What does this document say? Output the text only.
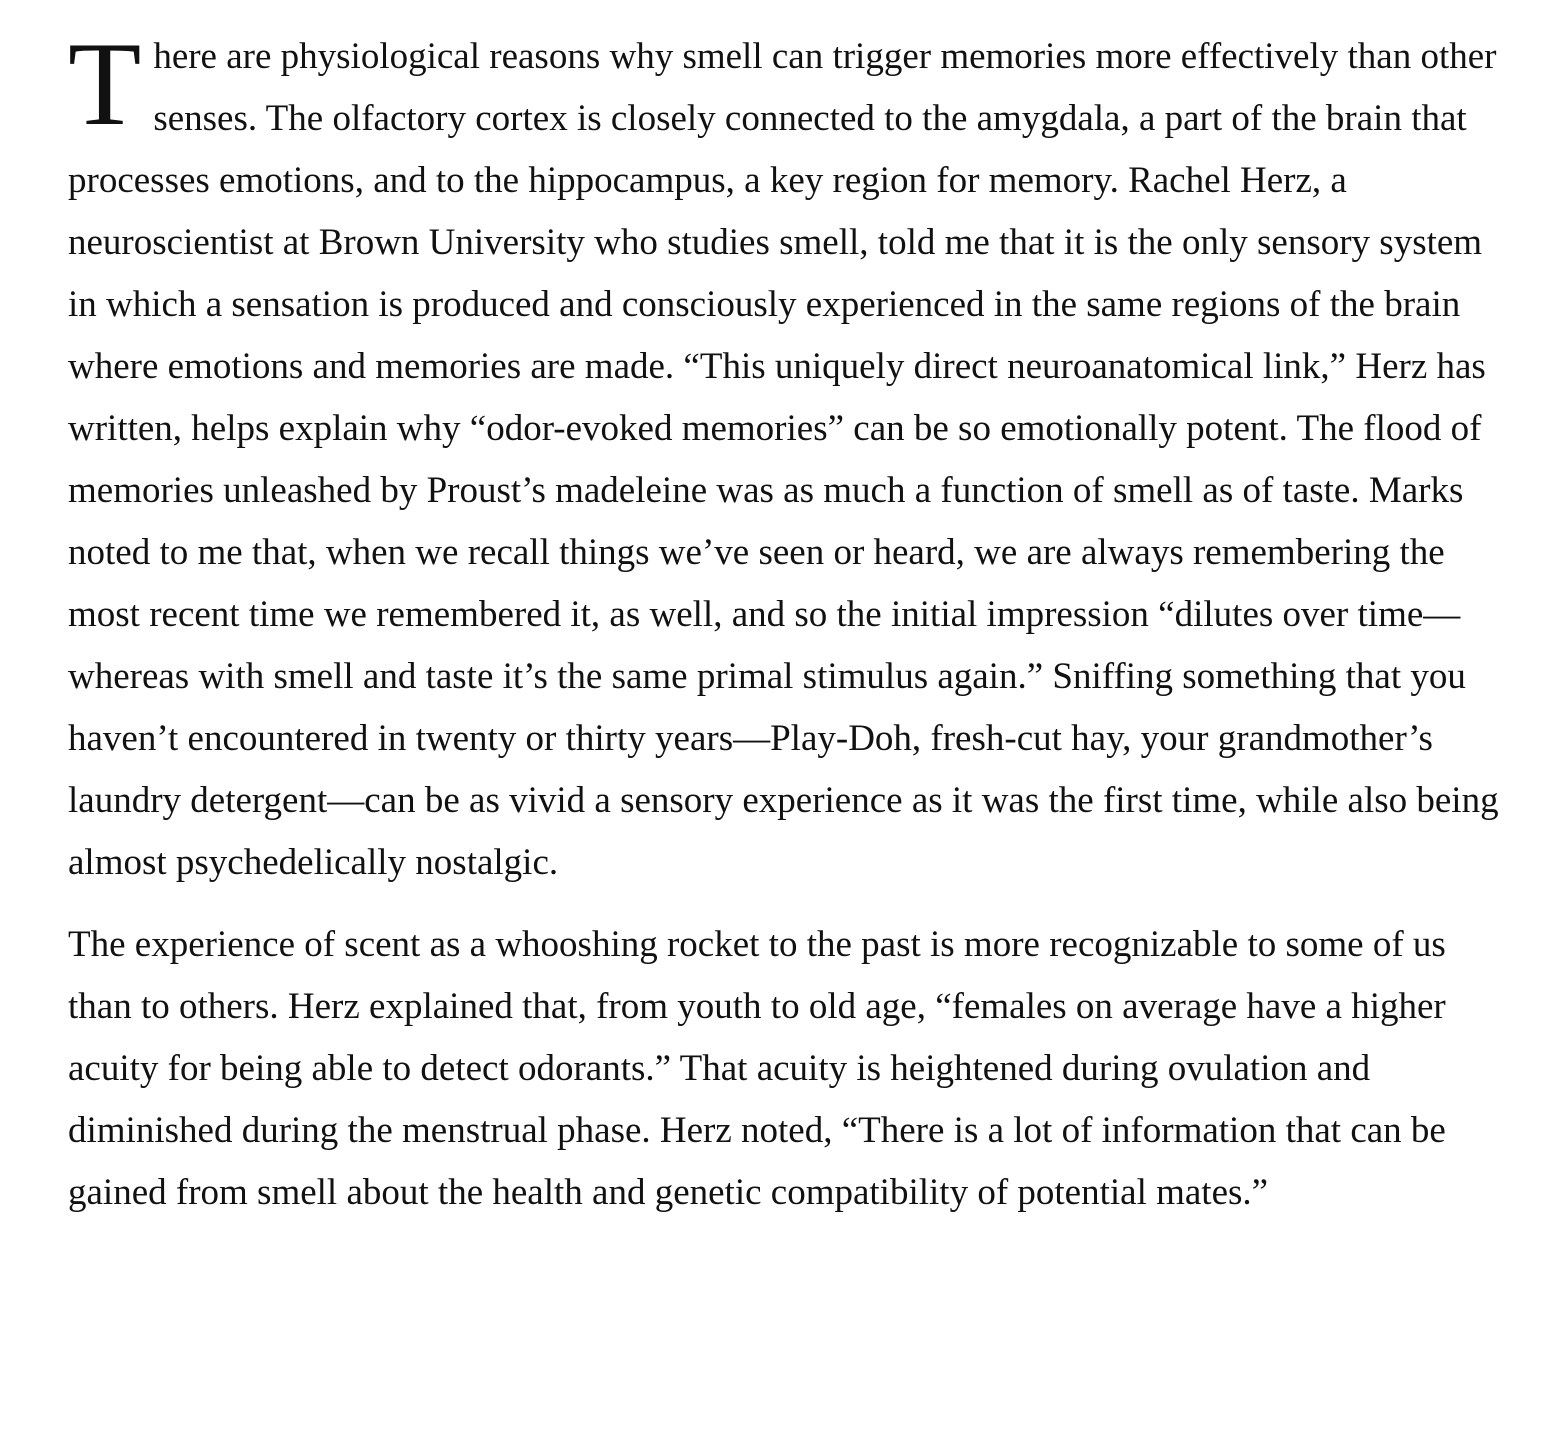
There are physiological reasons why smell can trigger memories more effectively than other senses. The olfactory cortex is closely connected to the amygdala, a part of the brain that processes emotions, and to the hippocampus, a key region for memory. Rachel Herz, a neuroscientist at Brown University who studies smell, told me that it is the only sensory system in which a sensation is produced and consciously experienced in the same regions of the brain where emotions and memories are made. “This uniquely direct neuroanatomical link,” Herz has written, helps explain why “odor-evoked memories” can be so emotionally potent. The flood of memories unleashed by Proust’s madeleine was as much a function of smell as of taste. Marks noted to me that, when we recall things we’ve seen or heard, we are always remembering the most recent time we remembered it, as well, and so the initial impression “dilutes over time—whereas with smell and taste it’s the same primal stimulus again.” Sniffing something that you haven’t encountered in twenty or thirty years—Play-Doh, fresh-cut hay, your grandmother’s laundry detergent—can be as vivid a sensory experience as it was the first time, while also being almost psychedelically nostalgic.

The experience of scent as a whooshing rocket to the past is more recognizable to some of us than to others. Herz explained that, from youth to old age, “females on average have a higher acuity for being able to detect odorants.” That acuity is heightened during ovulation and diminished during the menstrual phase. Herz noted, “There is a lot of information that can be gained from smell about the health and genetic compatibility of potential mates.”
